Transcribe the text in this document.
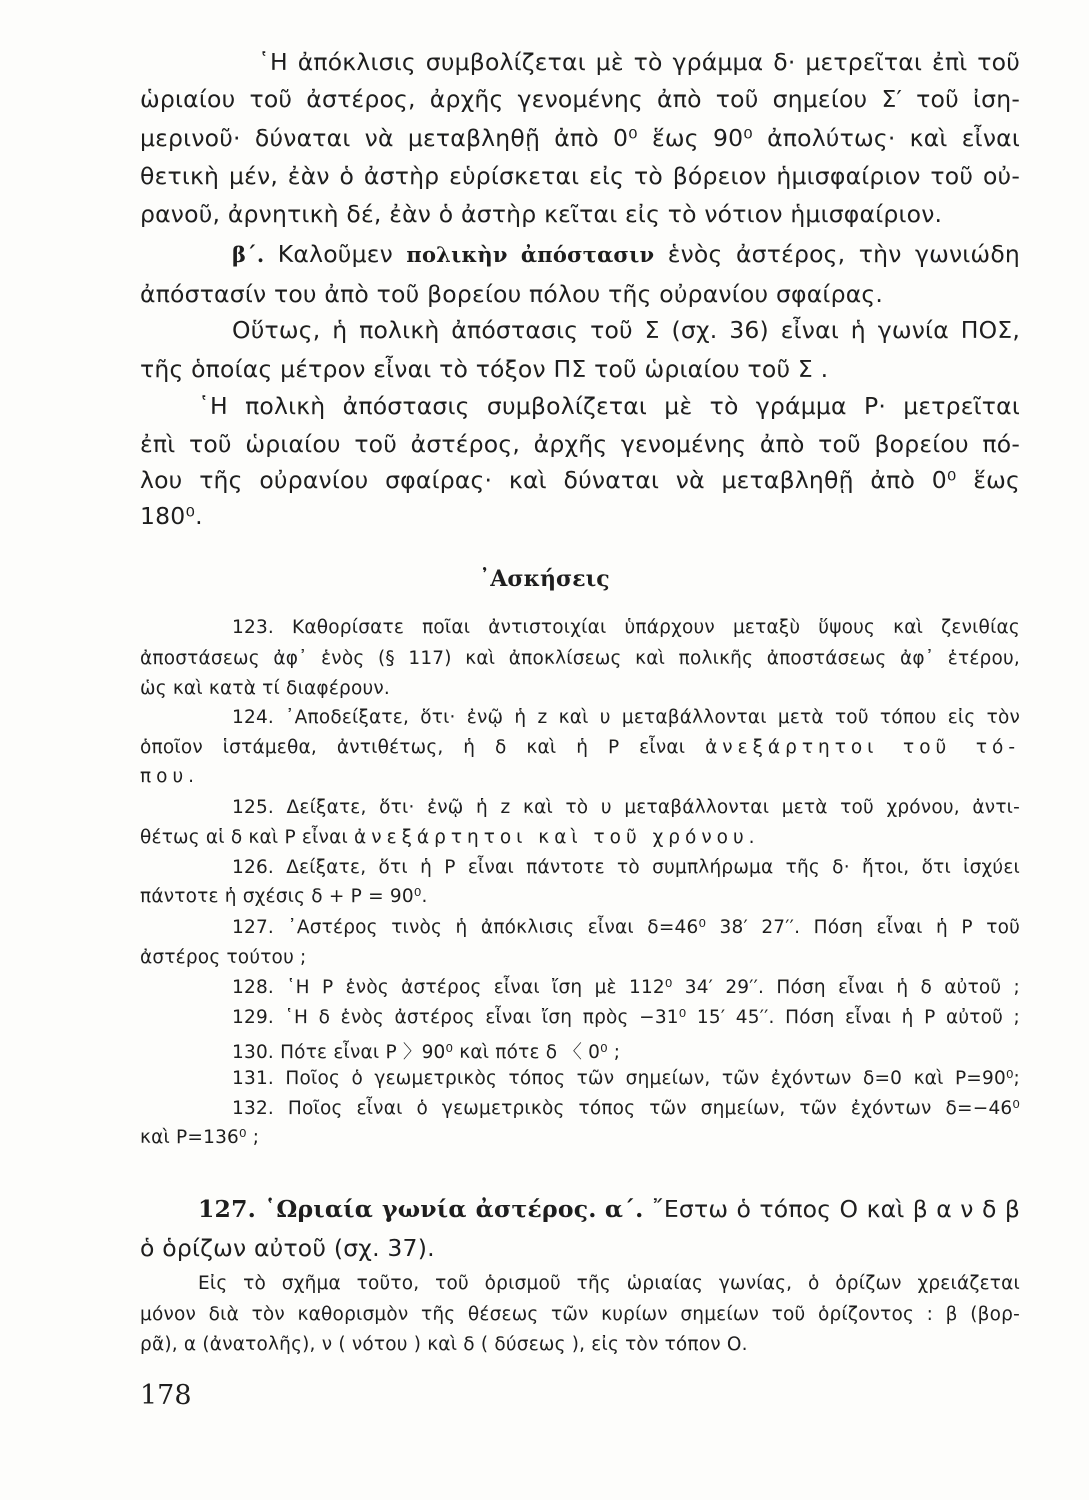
῾Η ἀπόκλισις συμβολίζεται μὲ τὸ γράμμα δ· μετρεῖται ἐπὶ τοῦ
ὡριαίου τοῦ ἀστέρος, ἀρχῆς γενομένης ἀπὸ τοῦ σημείου Σ′ τοῦ ἰση-
μερινοῦ· δύναται νὰ μεταβληθῇ ἀπὸ 0⁰ ἕως 90⁰ ἀπολύτως· καὶ εἶναι
θετικὴ μέν, ἐὰν ὁ ἀστὴρ εὑρίσκεται εἰς τὸ βόρειον ἡμισφαίριον τοῦ οὐ-
ρανοῦ, ἀρνητικὴ δέ, ἐὰν ὁ ἀστὴρ κεῖται εἰς τὸ νότιον ἡμισφαίριον.
β΄. Καλοῦμεν πολικὴν ἀπόστασιν ἑνὸς ἀστέρος, τὴν γωνιώδη
ἀπόστασίν του ἀπὸ τοῦ βορείου πόλου τῆς οὐρανίου σφαίρας.
Οὕτως, ἡ πολικὴ ἀπόστασις τοῦ Σ (σχ. 36) εἶναι ἡ γωνία ΠΟΣ,
τῆς ὁποίας μέτρον εἶναι τὸ τόξον ΠΣ τοῦ ὡριαίου τοῦ Σ .
῾Η πολικὴ ἀπόστασις συμβολίζεται μὲ τὸ γράμμα Ρ· μετρεῖται
ἐπὶ τοῦ ὡριαίου τοῦ ἀστέρος, ἀρχῆς γενομένης ἀπὸ τοῦ βορείου πό-
λου τῆς οὐρανίου σφαίρας· καὶ δύναται νὰ μεταβληθῇ ἀπὸ 0⁰ ἕως
180⁰.
᾿Ασκήσεις
123. Καθορίσατε ποῖαι ἀντιστοιχίαι ὑπάρχουν μεταξὺ ὕψους καὶ ζενιθίας
ἀποστάσεως ἀφ᾿ ἑνὸς (§ 117) καὶ ἀποκλίσεως καὶ πολικῆς ἀποστάσεως ἀφ᾿ ἑτέρου,
ὡς καὶ κατὰ τί διαφέρουν.
124. ᾿Αποδείξατε, ὅτι· ἐνῷ ἡ z καὶ υ μεταβάλλονται μετὰ τοῦ τόπου εἰς τὸν
ὁποῖον ἱστάμεθα, ἀντιθέτως, ἡ δ καὶ ἡ Ρ εἶναι ἀνεξάρτητοι τοῦ τό-
που.
125. Δείξατε, ὅτι· ἐνῷ ἡ z καὶ τὸ υ μεταβάλλονται μετὰ τοῦ χρόνου, ἀντι-
θέτως αἱ δ καὶ Ρ εἶναι ἀνεξάρτητοι καὶ τοῦ χρόνου.
126. Δείξατε, ὅτι ἡ Ρ εἶναι πάντοτε τὸ συμπλήρωμα τῆς δ· ἤτοι, ὅτι ἰσχύει
πάντοτε ἡ σχέσις δ + Ρ = 90⁰.
127. ᾿Αστέρος τινὸς ἡ ἀπόκλισις εἶναι δ=46⁰ 38′ 27′′. Πόση εἶναι ἡ Ρ τοῦ
ἀστέρος τούτου ;
128. ῾Η Ρ ἑνὸς ἀστέρος εἶναι ἴση μὲ 112⁰ 34′ 29′′. Πόση εἶναι ἡ δ αὐτοῦ ;
129. ῾Η δ ἑνὸς ἀστέρος εἶναι ἴση πρὸς −31⁰ 15′ 45′′. Πόση εἶναι ἡ Ρ αὐτοῦ ;
130. Πότε εἶναι Ρ 〉90⁰ καὶ πότε δ 〈 0⁰ ;
131. Ποῖος ὁ γεωμετρικὸς τόπος τῶν σημείων, τῶν ἐχόντων δ=0 καὶ Ρ=90⁰;
132. Ποῖος εἶναι ὁ γεωμετρικὸς τόπος τῶν σημείων, τῶν ἐχόντων δ=−46⁰
καὶ Ρ=136⁰ ;
127. ῾Ωριαία γωνία ἀστέρος. α΄. ῎Εστω ὁ τόπος Ο καὶ β α ν δ β
ὁ ὁρίζων αὐτοῦ (σχ. 37).
Εἰς τὸ σχῆμα τοῦτο, τοῦ ὁρισμοῦ τῆς ὡριαίας γωνίας, ὁ ὁρίζων χρειάζεται
μόνον διὰ τὸν καθορισμὸν τῆς θέσεως τῶν κυρίων σημείων τοῦ ὁρίζοντος : β (βορ-
ρᾶ), α (ἀνατολῆς), ν ( νότου ) καὶ δ ( δύσεως ), εἰς τὸν τόπον Ο.
178
